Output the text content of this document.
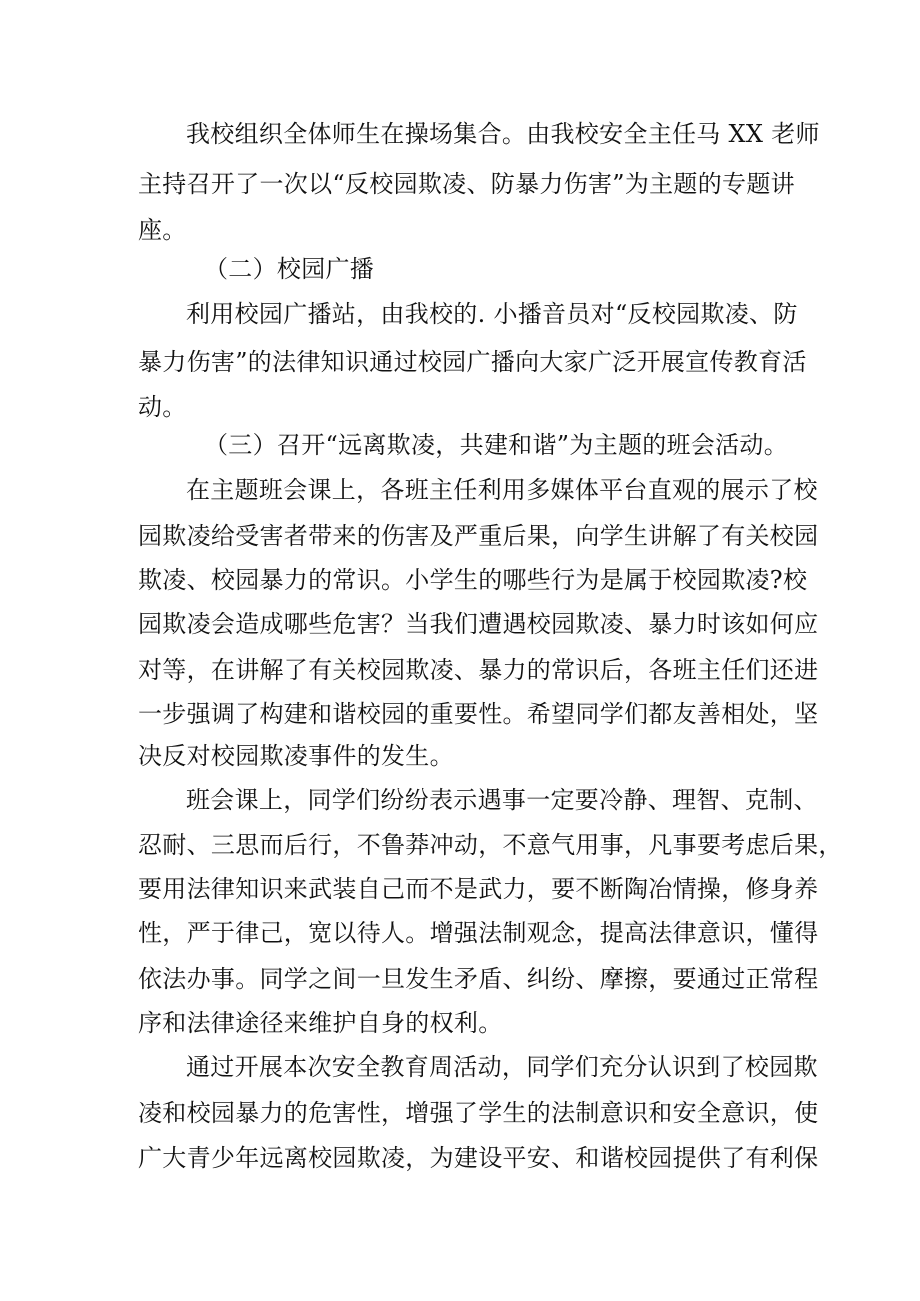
我校组织全体师生在操场集合。由我校安全主任马 XX 老师
主持召开了一次以“反校园欺凌、防暴力伤害”为主题的专题讲
座。
（二）校园广播
利用校园广播站，由我校的. 小播音员对“反校园欺凌、防
暴力伤害”的法律知识通过校园广播向大家广泛开展宣传教育活
动。
（三）召开“远离欺凌，共建和谐”为主题的班会活动。
在主题班会课上，各班主任利用多媒体平台直观的展示了校
园欺凌给受害者带来的伤害及严重后果，向学生讲解了有关校园
欺凌、校园暴力的常识。小学生的哪些行为是属于校园欺凌?校
园欺凌会造成哪些危害？当我们遭遇校园欺凌、暴力时该如何应
对等，在讲解了有关校园欺凌、暴力的常识后，各班主任们还进
一步强调了构建和谐校园的重要性。希望同学们都友善相处，坚
决反对校园欺凌事件的发生。
班会课上，同学们纷纷表示遇事一定要冷静、理智、克制、
忍耐、三思而后行，不鲁莽冲动，不意气用事，凡事要考虑后果，
要用法律知识来武装自己而不是武力，要不断陶冶情操，修身养
性，严于律己，宽以待人。增强法制观念，提高法律意识，懂得
依法办事。同学之间一旦发生矛盾、纠纷、摩擦，要通过正常程
序和法律途径来维护自身的权利。
通过开展本次安全教育周活动，同学们充分认识到了校园欺
凌和校园暴力的危害性，增强了学生的法制意识和安全意识，使
广大青少年远离校园欺凌，为建设平安、和谐校园提供了有利保
